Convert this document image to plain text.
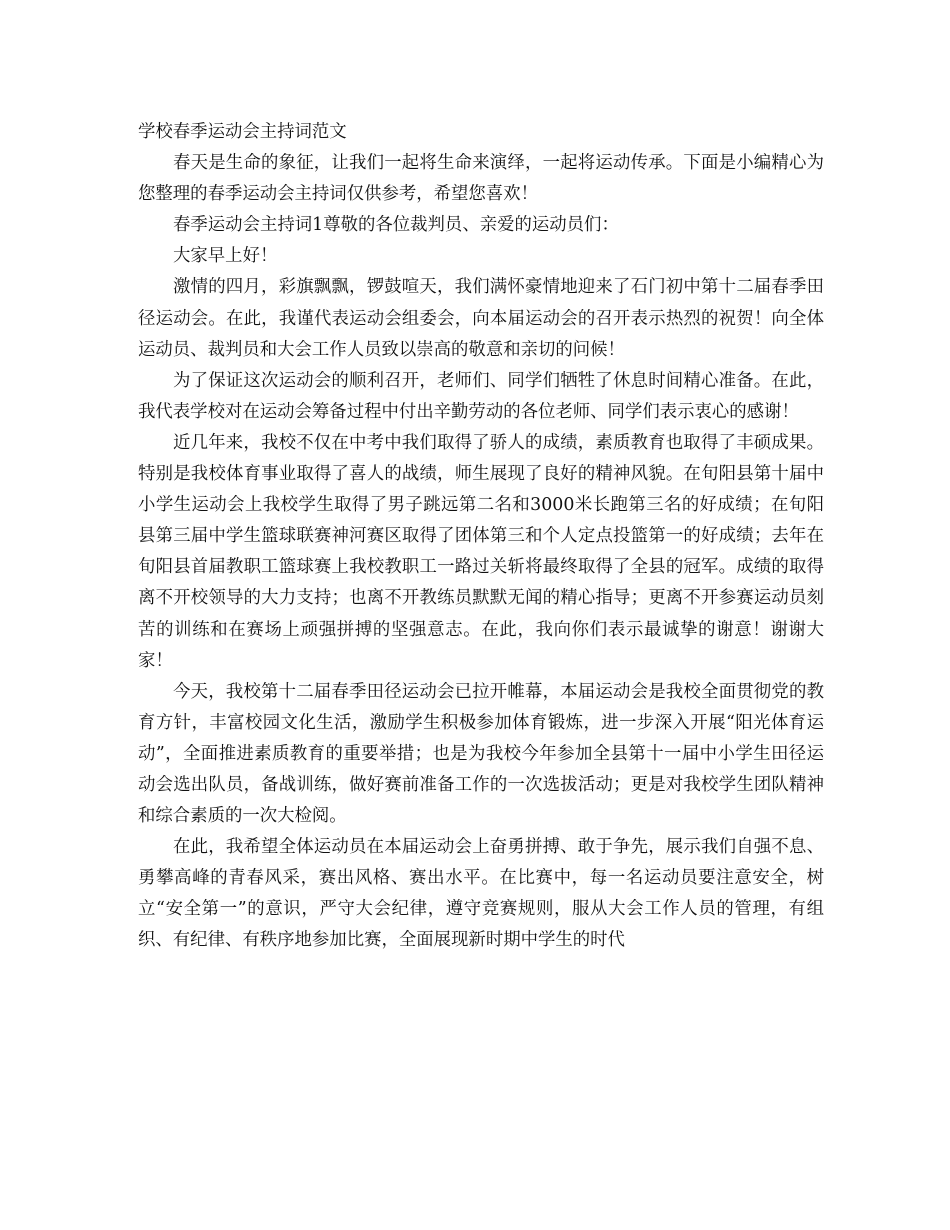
学校春季运动会主持词范文

春天是生命的象征，让我们一起将生命来演绎，一起将运动传承。下面是小编精心为您整理的春季运动会主持词仅供参考，希望您喜欢！

春季运动会主持词1尊敬的各位裁判员、亲爱的运动员们：

大家早上好！

激情的四月，彩旗飘飘，锣鼓喧天，我们满怀豪情地迎来了石门初中第十二届春季田径运动会。在此，我谨代表运动会组委会，向本届运动会的召开表示热烈的祝贺！向全体运动员、裁判员和大会工作人员致以崇高的敬意和亲切的问候！

为了保证这次运动会的顺利召开，老师们、同学们牺牲了休息时间精心准备。在此，我代表学校对在运动会筹备过程中付出辛勤劳动的各位老师、同学们表示衷心的感谢！

近几年来，我校不仅在中考中我们取得了骄人的成绩，素质教育也取得了丰硕成果。特别是我校体育事业取得了喜人的战绩，师生展现了良好的精神风貌。在旬阳县第十届中小学生运动会上我校学生取得了男子跳远第二名和3000米长跑第三名的好成绩；在旬阳县第三届中学生篮球联赛神河赛区取得了团体第三和个人定点投篮第一的好成绩；去年在旬阳县首届教职工篮球赛上我校教职工一路过关斩将最终取得了全县的冠军。成绩的取得离不开校领导的大力支持；也离不开教练员默默无闻的精心指导；更离不开参赛运动员刻苦的训练和在赛场上顽强拼搏的坚强意志。在此，我向你们表示最诚挚的谢意！谢谢大家！

今天，我校第十二届春季田径运动会已拉开帷幕，本届运动会是我校全面贯彻党的教育方针，丰富校园文化生活，激励学生积极参加体育锻炼，进一步深入开展“阳光体育运动”，全面推进素质教育的重要举措；也是为我校今年参加全县第十一届中小学生田径运动会选出队员，备战训练，做好赛前准备工作的一次选拔活动；更是对我校学生团队精神和综合素质的一次大检阅。

在此，我希望全体运动员在本届运动会上奋勇拼搏、敢于争先，展示我们自强不息、勇攀高峰的青春风采，赛出风格、赛出水平。在比赛中，每一名运动员要注意安全，树立“安全第一”的意识，严守大会纪律，遵守竞赛规则，服从大会工作人员的管理，有组织、有纪律、有秩序地参加比赛，全面展现新时期中学生的时代
